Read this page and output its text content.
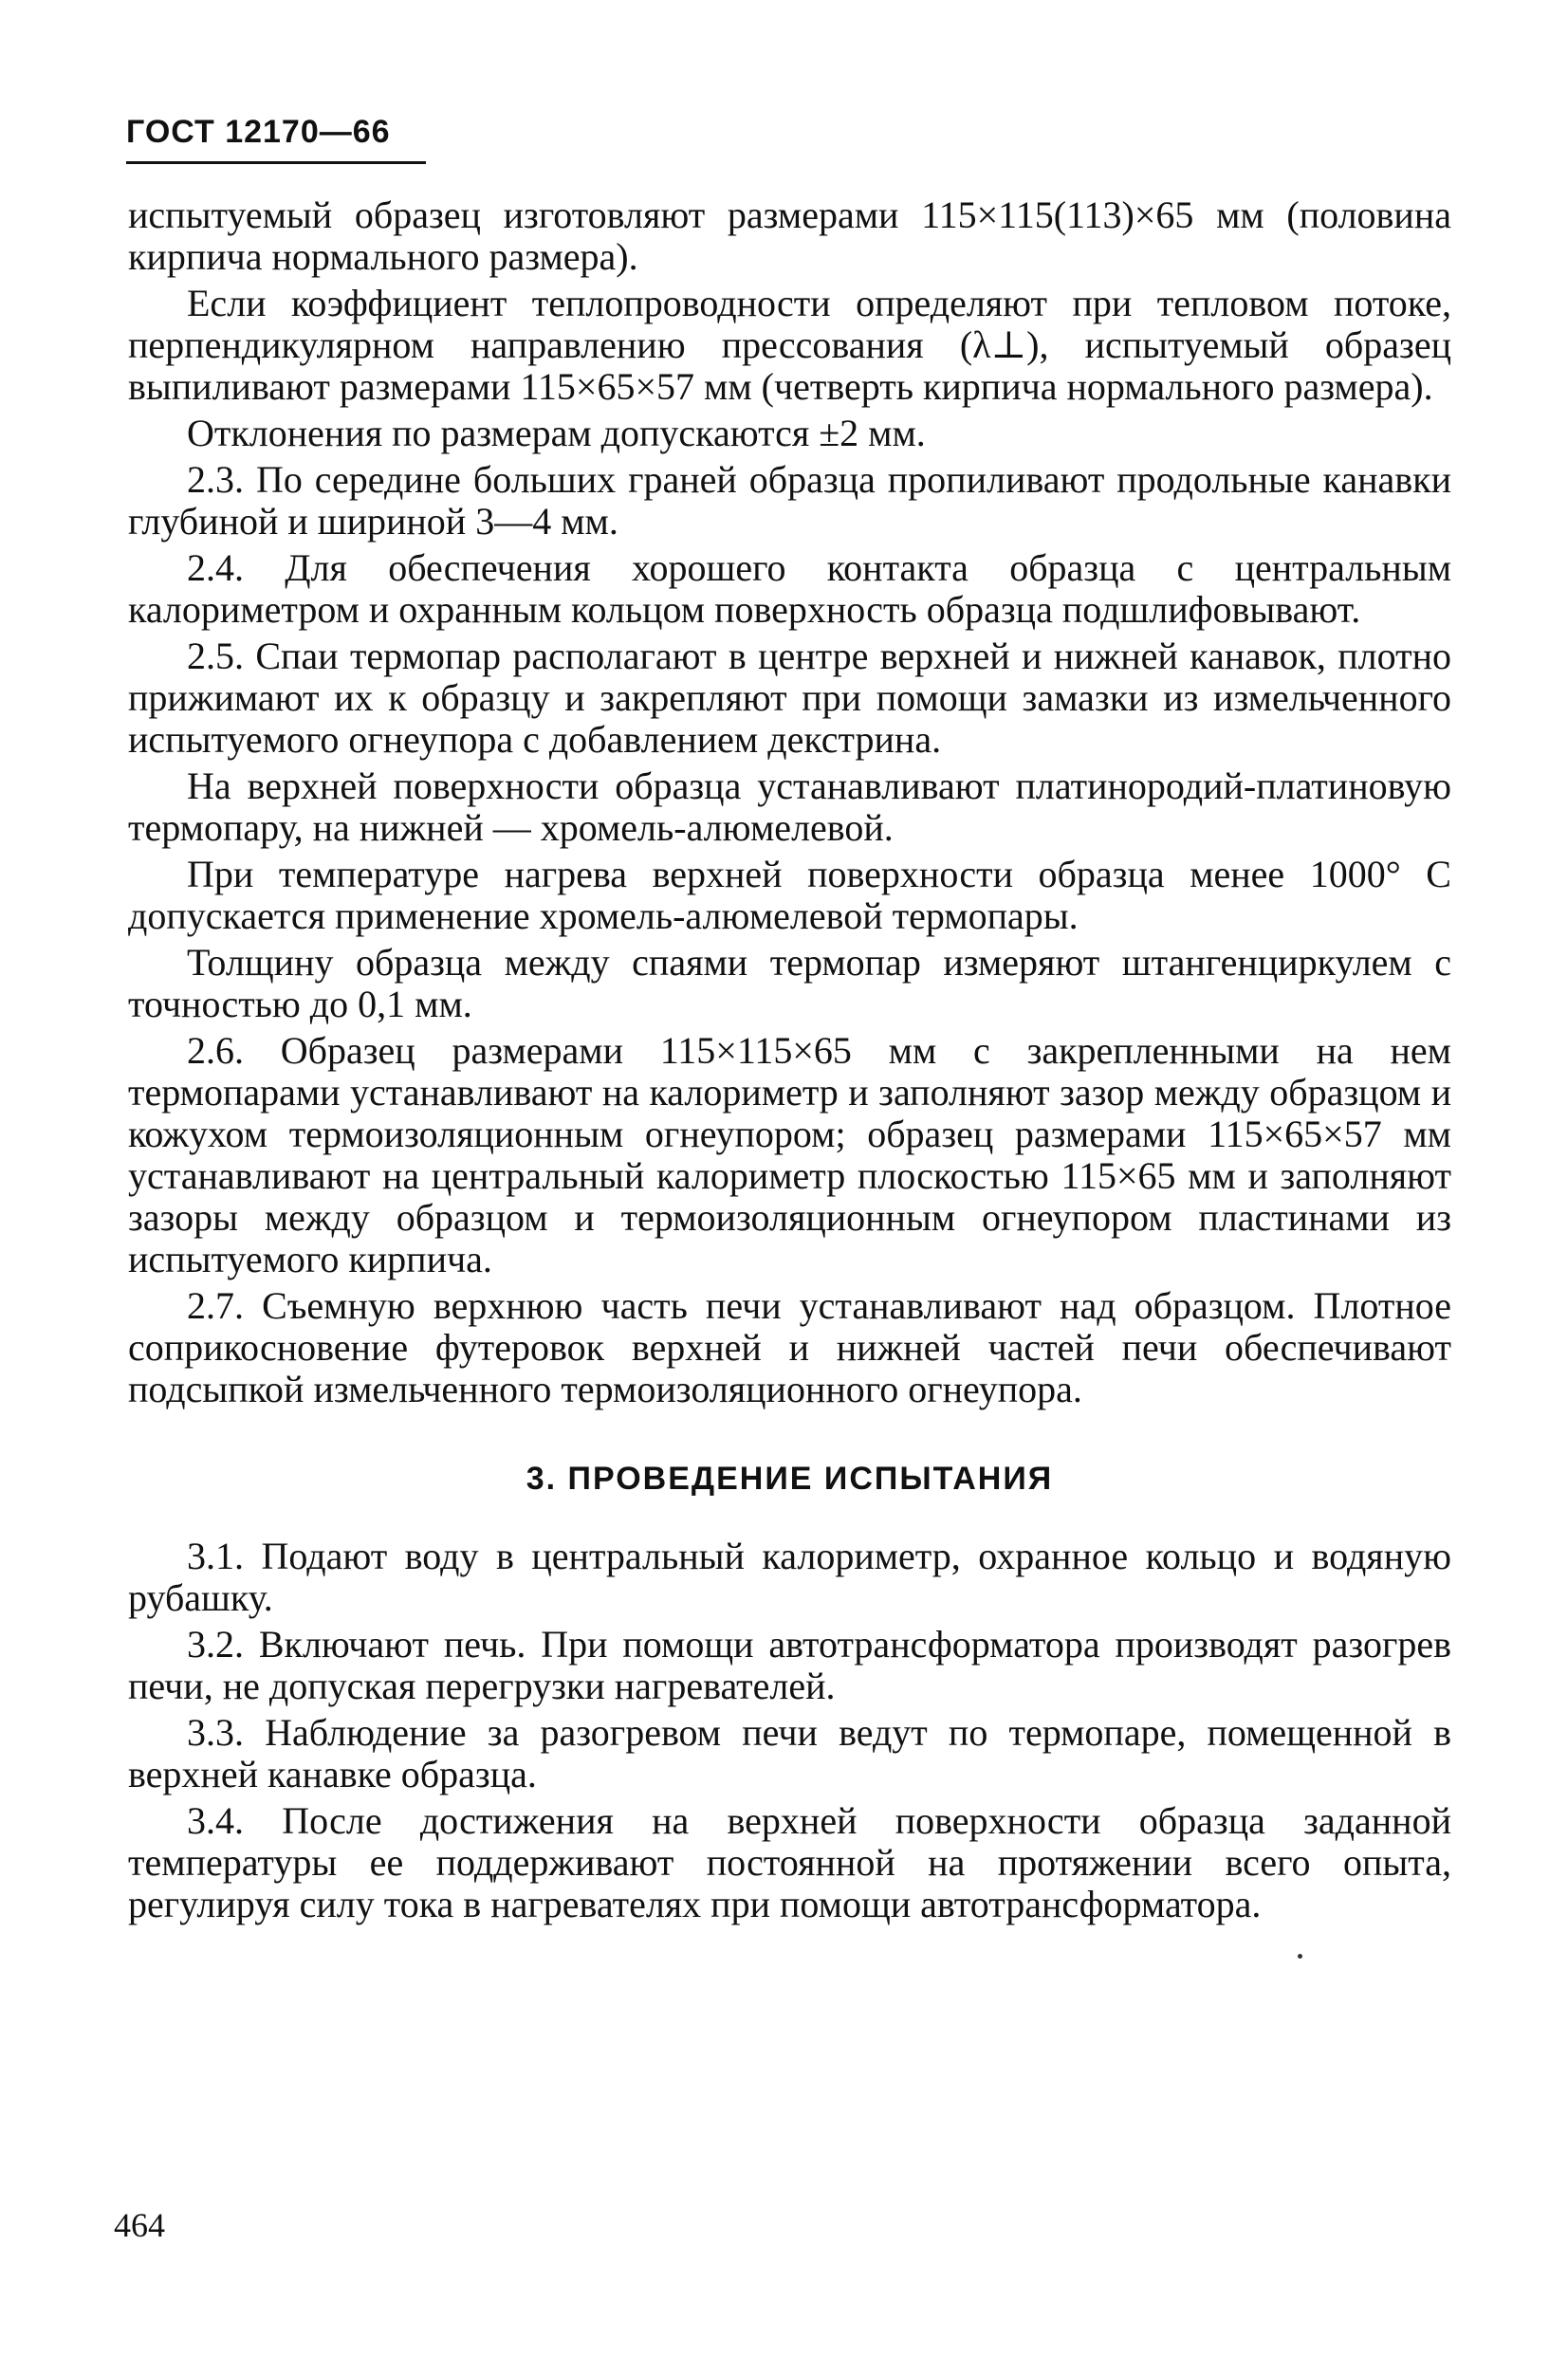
ГОСТ 12170—66

испытуемый образец изготовляют размерами 115×115(113)×65 мм (половина кирпича нормального размера).

Если коэффициент теплопроводности определяют при тепловом потоке, перпендикулярном направлению прессования (λ⊥), испытуемый образец выпиливают размерами 115×65×57 мм (четверть кирпича нормального размера).

Отклонения по размерам допускаются ±2 мм.

2.3. По середине больших граней образца пропиливают продольные канавки глубиной и шириной 3—4 мм.

2.4. Для обеспечения хорошего контакта образца с центральным калориметром и охранным кольцом поверхность образца подшлифовывают.

2.5. Спаи термопар располагают в центре верхней и нижней канавок, плотно прижимают их к образцу и закрепляют при помощи замазки из измельченного испытуемого огнеупора с добавлением декстрина.

На верхней поверхности образца устанавливают платинородий-платиновую термопару, на нижней — хромель-алюмелевой.

При температуре нагрева верхней поверхности образца менее 1000° С допускается применение хромель-алюмелевой термопары.

Толщину образца между спаями термопар измеряют штангенциркулем с точностью до 0,1 мм.

2.6. Образец размерами 115×115×65 мм с закрепленными на нем термопарами устанавливают на калориметр и заполняют зазор между образцом и кожухом термоизоляционным огнеупором; образец размерами 115×65×57 мм устанавливают на центральный калориметр плоскостью 115×65 мм и заполняют зазоры между образцом и термоизоляционным огнеупором пластинами из испытуемого кирпича.

2.7. Съемную верхнюю часть печи устанавливают над образцом. Плотное соприкосновение футеровок верхней и нижней частей печи обеспечивают подсыпкой измельченного термоизоляционного огнеупора.

3. ПРОВЕДЕНИЕ ИСПЫТАНИЯ

3.1. Подают воду в центральный калориметр, охранное кольцо и водяную рубашку.

3.2. Включают печь. При помощи автотрансформатора производят разогрев печи, не допуская перегрузки нагревателей.

3.3. Наблюдение за разогревом печи ведут по термопаре, помещенной в верхней канавке образца.

3.4. После достижения на верхней поверхности образца заданной температуры ее поддерживают постоянной на протяжении всего опыта, регулируя силу тока в нагревателях при помощи автотрансформатора.

464
